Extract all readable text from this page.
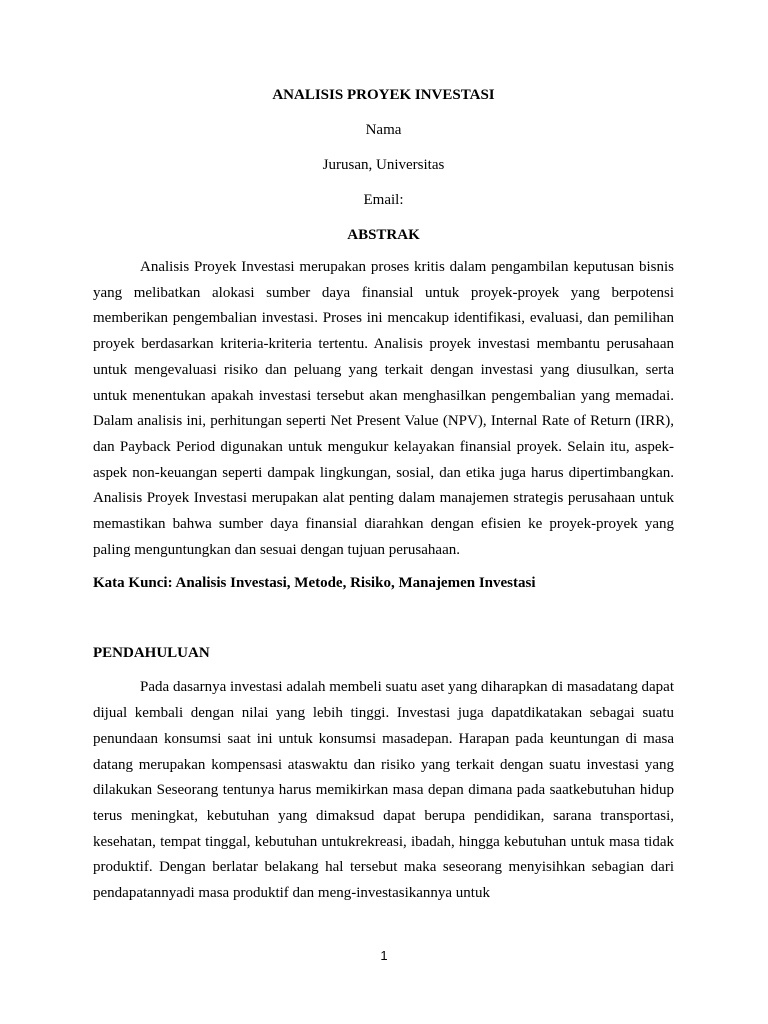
ANALISIS PROYEK INVESTASI

Nama

Jurusan, Universitas

Email:

ABSTRAK

Analisis Proyek Investasi merupakan proses kritis dalam pengambilan keputusan bisnis yang melibatkan alokasi sumber daya finansial untuk proyek-proyek yang berpotensi memberikan pengembalian investasi. Proses ini mencakup identifikasi, evaluasi, dan pemilihan proyek berdasarkan kriteria-kriteria tertentu. Analisis proyek investasi membantu perusahaan untuk mengevaluasi risiko dan peluang yang terkait dengan investasi yang diusulkan, serta untuk menentukan apakah investasi tersebut akan menghasilkan pengembalian yang memadai. Dalam analisis ini, perhitungan seperti Net Present Value (NPV), Internal Rate of Return (IRR), dan Payback Period digunakan untuk mengukur kelayakan finansial proyek. Selain itu, aspek-aspek non-keuangan seperti dampak lingkungan, sosial, dan etika juga harus dipertimbangkan. Analisis Proyek Investasi merupakan alat penting dalam manajemen strategis perusahaan untuk memastikan bahwa sumber daya finansial diarahkan dengan efisien ke proyek-proyek yang paling menguntungkan dan sesuai dengan tujuan perusahaan.

Kata Kunci: Analisis Investasi, Metode, Risiko, Manajemen Investasi

PENDAHULUAN

Pada dasarnya investasi adalah membeli suatu aset yang diharapkan di masadatang dapat dijual kembali dengan nilai yang lebih tinggi. Investasi juga dapatdikatakan sebagai suatu penundaan konsumsi saat ini untuk konsumsi masadepan. Harapan pada keuntungan di masa datang merupakan kompensasi ataswaktu dan risiko yang terkait dengan suatu investasi yang dilakukan Seseorang tentunya harus memikirkan masa depan dimana pada saatkebutuhan hidup terus meningkat, kebutuhan yang dimaksud dapat berupa pendidikan, sarana transportasi, kesehatan, tempat tinggal, kebutuhan untukrekreasi, ibadah, hingga kebutuhan untuk masa tidak produktif. Dengan berlatar belakang hal tersebut maka seseorang menyisihkan sebagian dari pendapatannyadi masa produktif dan meng-investasikannya untuk

1
